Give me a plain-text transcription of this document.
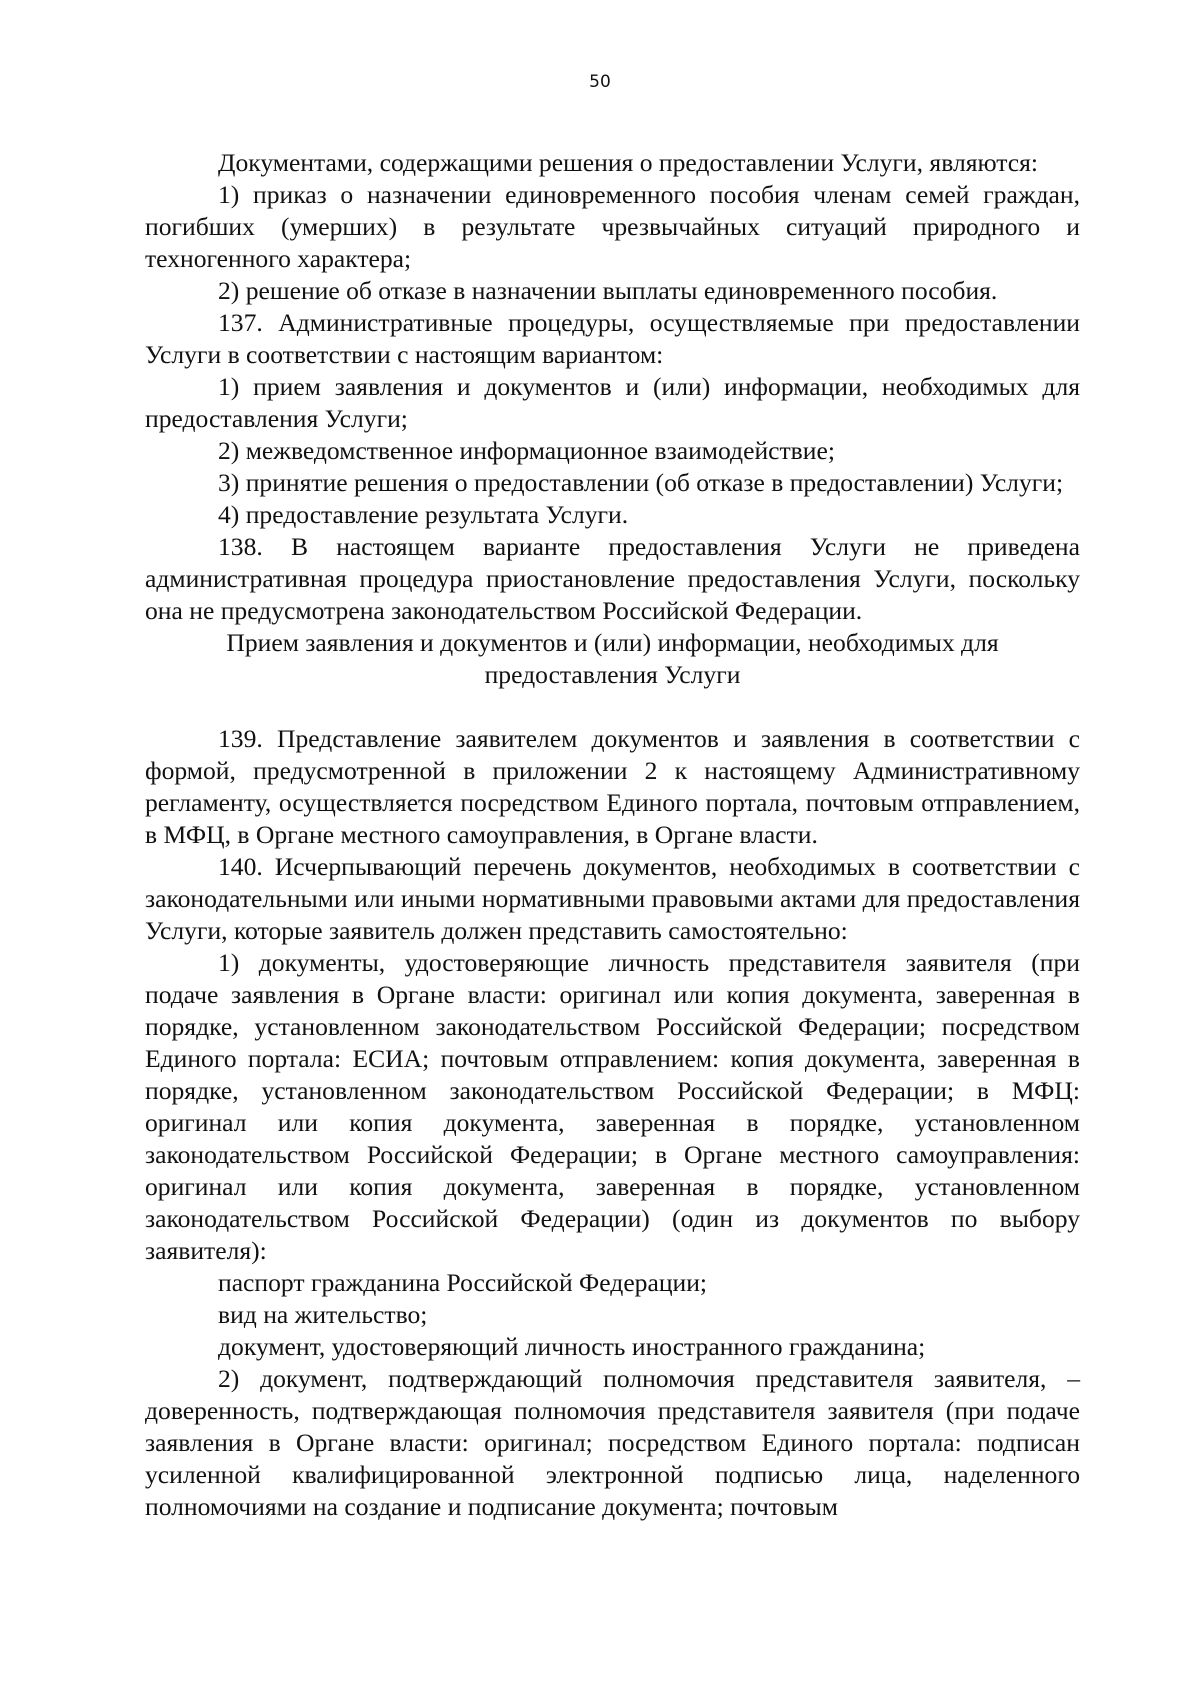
50

Документами, содержащими решения о предоставлении Услуги, являются:

1) приказ о назначении единовременного пособия членам семей граждан, погибших (умерших) в результате чрезвычайных ситуаций природного и техногенного характера;

2) решение об отказе в назначении выплаты единовременного пособия.

137. Административные процедуры, осуществляемые при предоставлении Услуги в соответствии с настоящим вариантом:

1) прием заявления и документов и (или) информации, необходимых для предоставления Услуги;

2) межведомственное информационное взаимодействие;

3) принятие решения о предоставлении (об отказе в предоставлении) Услуги;

4) предоставление результата Услуги.

138. В настоящем варианте предоставления Услуги не приведена административная процедура приостановление предоставления Услуги, поскольку она не предусмотрена законодательством Российской Федерации.

Прием заявления и документов и (или) информации, необходимых для
предоставления Услуги

139. Представление заявителем документов и заявления в соответствии с формой, предусмотренной в приложении 2 к настоящему Административному регламенту, осуществляется посредством Единого портала, почтовым отправлением, в МФЦ, в Органе местного самоуправления, в Органе власти.

140. Исчерпывающий перечень документов, необходимых в соответствии с законодательными или иными нормативными правовыми актами для предоставления Услуги, которые заявитель должен представить самостоятельно:

1) документы, удостоверяющие личность представителя заявителя (при подаче заявления в Органе власти: оригинал или копия документа, заверенная в порядке, установленном законодательством Российской Федерации; посредством Единого портала: ЕСИА; почтовым отправлением: копия документа, заверенная в порядке, установленном законодательством Российской Федерации; в МФЦ: оригинал или копия документа, заверенная в порядке, установленном законодательством Российской Федерации; в Органе местного самоуправления: оригинал или копия документа, заверенная в порядке, установленном законодательством Российской Федерации) (один из документов по выбору заявителя):

паспорт гражданина Российской Федерации;

вид на жительство;

документ, удостоверяющий личность иностранного гражданина;

2) документ, подтверждающий полномочия представителя заявителя, – доверенность, подтверждающая полномочия представителя заявителя (при подаче заявления в Органе власти: оригинал; посредством Единого портала: подписан усиленной квалифицированной электронной подписью лица, наделенного полномочиями на создание и подписание документа; почтовым
